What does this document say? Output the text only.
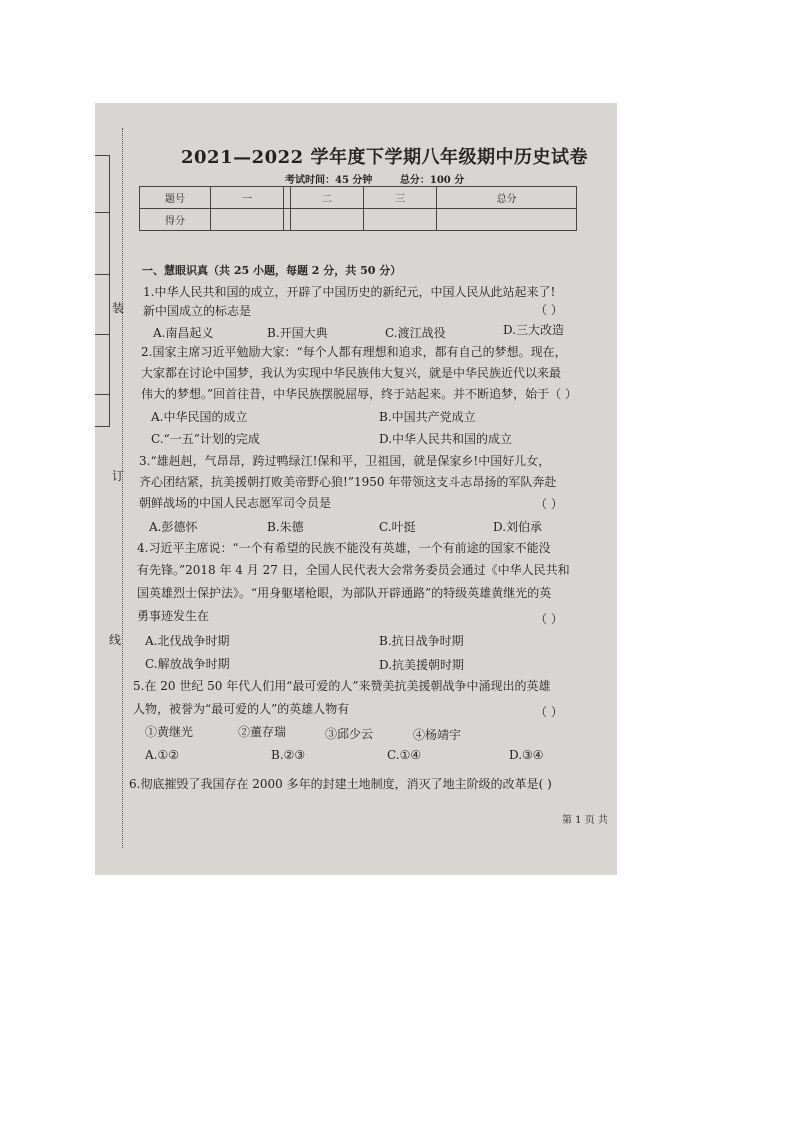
装
订
线
2021—2022 学年度下学期八年级期中历史试卷
考试时间：45 分钟	总分：100 分
题号	一		二	三	总分
得分					
一、慧眼识真（共 25 小题，每题 2 分，共 50 分）
1.中华人民共和国的成立，开辟了中国历史的新纪元，中国人民从此站起来了!
新中国成立的标志是	（ ）
A.南昌起义	B.开国大典	C.渡江战役	D.三大改造
2.国家主席习近平勉励大家：“每个人都有理想和追求，都有自己的梦想。现在，
大家都在讨论中国梦，我认为实现中华民族伟大复兴，就是中华民族近代以来最
伟大的梦想。”回首往昔，中华民族摆脱屈辱，终于站起来。并不断追梦，始于（ ）
A.中华民国的成立	B.中国共产党成立
C.“一五”计划的完成	D.中华人民共和国的成立
3.“雄赳赳，气昂昂，跨过鸭绿江!保和平，卫祖国，就是保家乡!中国好儿女，
齐心团结紧，抗美援朝打败美帝野心狼!”1950 年带领这支斗志昂扬的军队奔赴
朝鲜战场的中国人民志愿军司令员是	（ ）
A.彭德怀	B.朱德	C.叶挺	D.刘伯承
4.习近平主席说：“一个有希望的民族不能没有英雄，一个有前途的国家不能没
有先锋。”2018 年 4 月 27 日，全国人民代表大会常务委员会通过《中华人民共和
国英雄烈士保护法》。“用身躯堵枪眼，为部队开辟通路”的特级英雄黄继光的英
勇事迹发生在	（ ）
A.北伐战争时期	B.抗日战争时期
C.解放战争时期	D.抗美援朝时期
5.在 20 世纪 50 年代人们用“最可爱的人”来赞美抗美援朝战争中涌现出的英雄
人物，被誉为“最可爱的人”的英雄人物有	（ ）
①黄继光	②董存瑞	③邱少云	④杨靖宇
A.①②	B.②③	C.①④	D.③④
6.彻底摧毁了我国存在 2000 多年的封建土地制度，消灭了地主阶级的改革是( )
第 1 页 共
